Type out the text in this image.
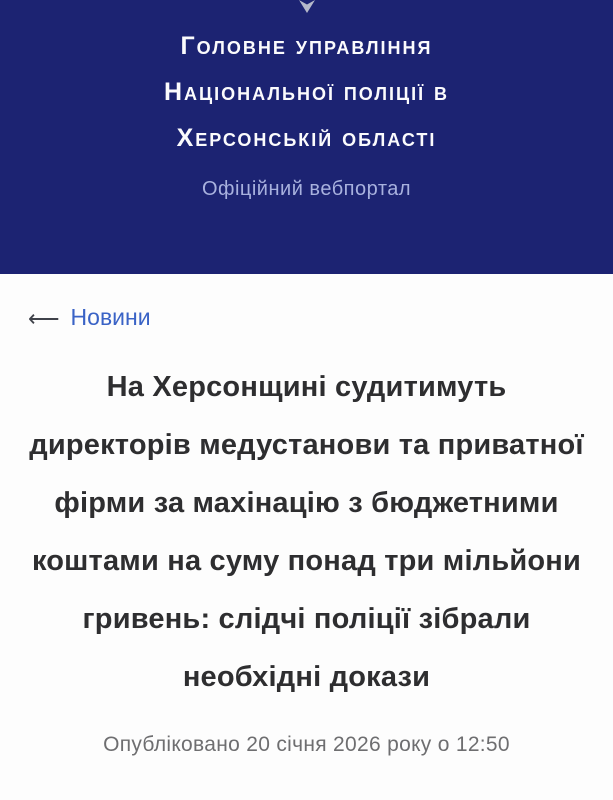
Головне управління
Національної поліції в
Херсонській області
Офіційний вебпортал
⟵ Новини
На Херсонщині судитимуть
директорів медустанови та приватної
фірми за махінацію з бюджетними
коштами на суму понад три мільйони
гривень: слідчі поліції зібрали
необхідні докази
Опубліковано 20 січня 2026 року о 12:50
